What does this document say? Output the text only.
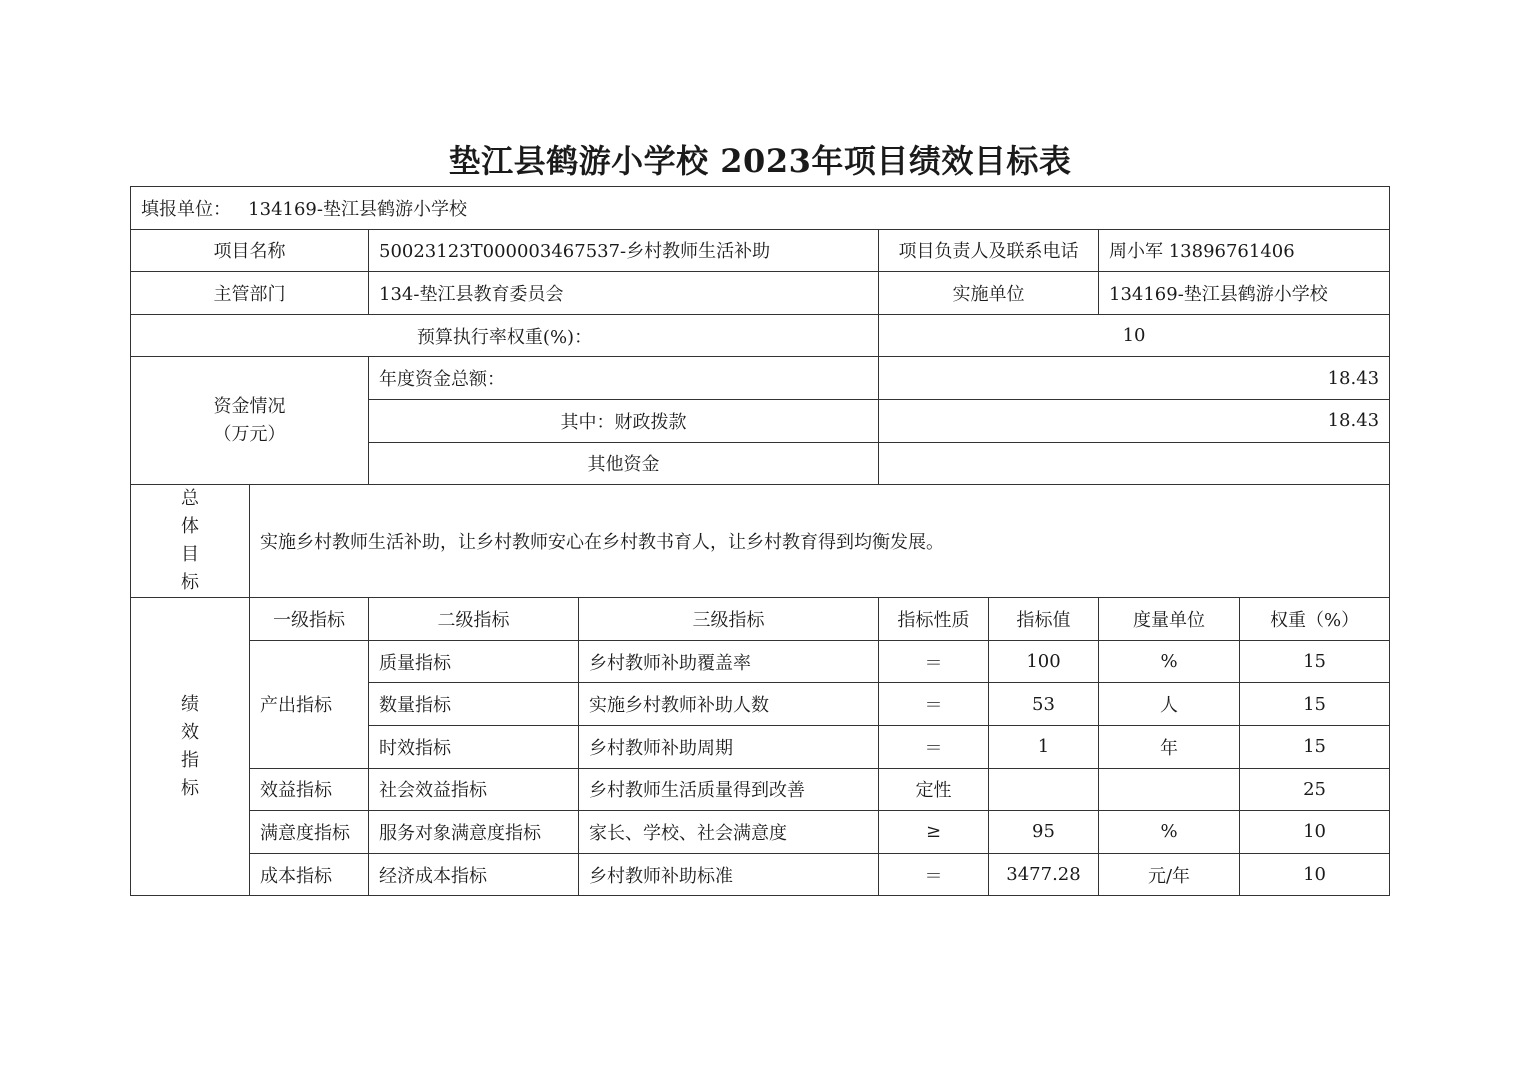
垫江县鹤游小学校 2023年项目绩效目标表
填报单位： 134169-垫江县鹤游小学校							
项目名称		50023123T000003467537-乡村教师生活补助		项目负责人及联系电话		周小军 13896761406	
主管部门		134-垫江县教育委员会		实施单位		134169-垫江县鹤游小学校	
预算执行率权重(%)：				10			
资金情况
（万元）		年度资金总额：		18.43			
		其中：财政拨款		18.43			
		其他资金					

总
体
目
标	实施乡村教师生活补助，让乡村教师安心在乡村教书育人，让乡村教育得到均衡发展。						

绩
效
指
标	一级指标	二级指标	三级指标	指标性质	指标值	度量单位	权重（%）
	产出指标	质量指标	乡村教师补助覆盖率	＝	100	%	15
		数量指标	实施乡村教师补助人数	＝	53	人	15
		时效指标	乡村教师补助周期	＝	1	年	15
	效益指标	社会效益指标	乡村教师生活质量得到改善	定性			25
	满意度指标	服务对象满意度指标	家长、学校、社会满意度	≥	95	%	10
	成本指标	经济成本指标	乡村教师补助标准	＝	3477.28	元/年	10
